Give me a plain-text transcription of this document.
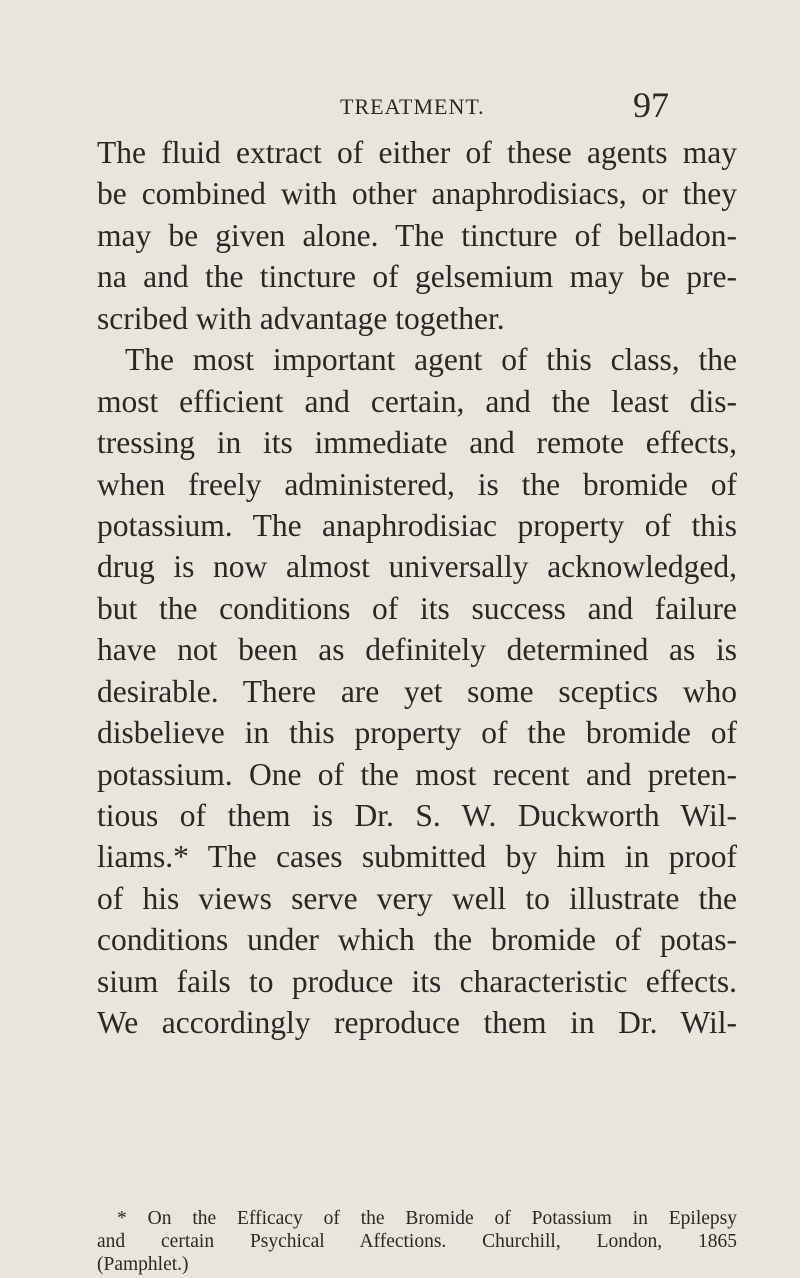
TREATMENT.	97
The fluid extract of either of these agents may
be combined with other anaphrodisiacs, or they
may be given alone. The tincture of belladon-
na and the tincture of gelsemium may be pre-
scribed with advantage together.
The most important agent of this class, the
most efficient and certain, and the least dis-
tressing in its immediate and remote effects,
when freely administered, is the bromide of
potassium. The anaphrodisiac property of this
drug is now almost universally acknowledged,
but the conditions of its success and failure
have not been as definitely determined as is
desirable. There are yet some sceptics who
disbelieve in this property of the bromide of
potassium. One of the most recent and preten-
tious of them is Dr. S. W. Duckworth Wil-
liams.* The cases submitted by him in proof
of his views serve very well to illustrate the
conditions under which the bromide of potas-
sium fails to produce its characteristic effects.
We accordingly reproduce them in Dr. Wil-
* On the Efficacy of the Bromide of Potassium in Epilepsy
and certain Psychical Affections. Churchill, London, 1865
(Pamphlet.)
